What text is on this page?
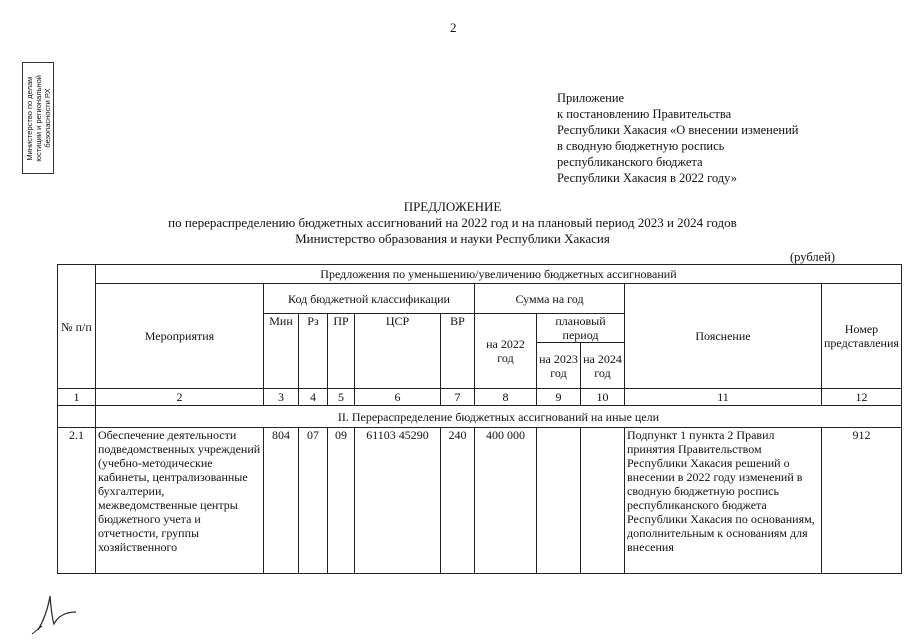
2
Министерство по делам
юстиции и региональной
безопасности РХ	Приложение
к постановлению Правительства
Республики Хакасия «О внесении изменений
в сводную бюджетную роспись
республиканского бюджета
Республики Хакасия в 2022 году»
ПРЕДЛОЖЕНИЕ
по перераспределению бюджетных ассигнований на 2022 год и на плановый период 2023 и 2024 годов
Министерство образования и науки Республики Хакасия
(рублей)
№ п/п	Предложения по уменьшению/увеличению бюджетных ассигнований										
	Мероприятия	Код бюджетной классификации					Сумма на год			Пояснение	Номер представления
		Мин	Рз	ПР	ЦСР	ВР	на 2022 год	плановый период			
								на 2023 год	на 2024 год		
1	2	3	4	5	6	7	8	9	10	11	12
	II. Перераспределение бюджетных ассигнований на иные цели										
2.1	Обеспечение деятельности подведомственных учреждений (учебно-методические кабинеты, централизованные бухгалтерии, межведомственные центры бюджетного учета и отчетности, группы хозяйственного	804	07	09	61103 45290	240	400 000			Подпункт 1 пункта 2 Правил принятия Правительством Республики Хакасия решений о внесении в 2022 году изменений в сводную бюджетную роспись республиканского бюджета Республики Хакасия по основаниям, дополнительным к основаниям для внесения	912
